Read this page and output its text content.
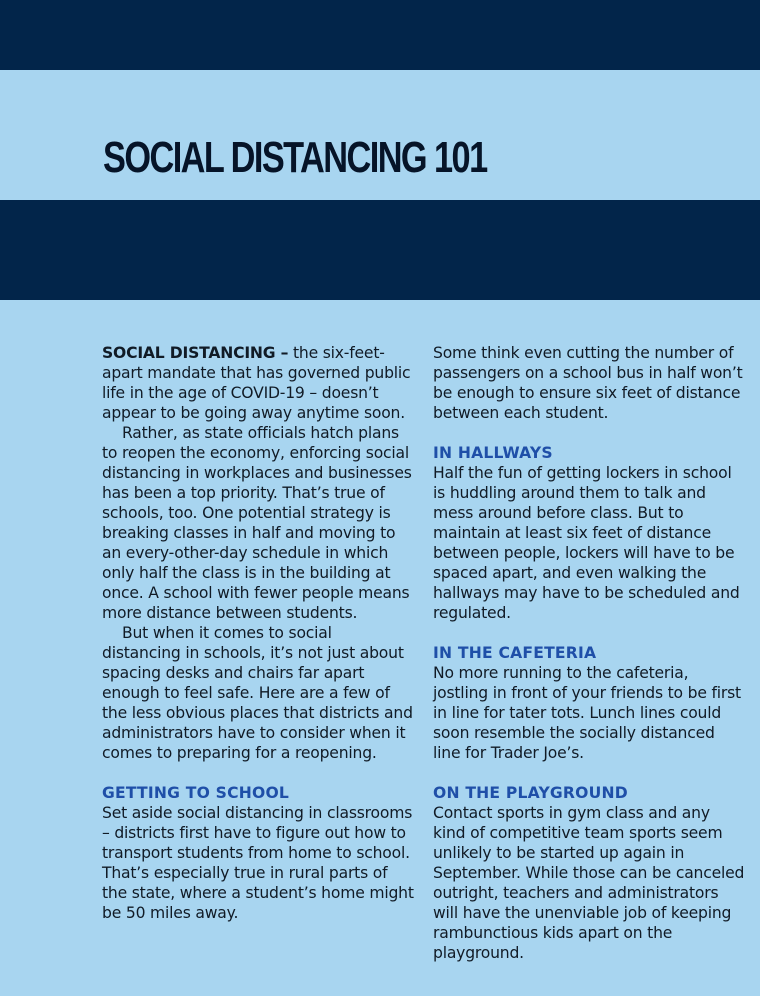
SOCIAL DISTANCING 101

SOCIAL DISTANCING – the six-feet-apart mandate that has governed public life in the age of COVID-19 – doesn’t appear to be going away anytime soon.

Rather, as state officials hatch plans to reopen the economy, enforcing social distancing in workplaces and businesses has been a top priority. That’s true of schools, too. One potential strategy is breaking classes in half and moving to an every-other-day schedule in which only half the class is in the building at once. A school with fewer people means more distance between students.

But when it comes to social distancing in schools, it’s not just about spacing desks and chairs far apart enough to feel safe. Here are a few of the less obvious places that districts and administrators have to consider when it comes to preparing for a reopening.

GETTING TO SCHOOL

Set aside social distancing in classrooms – districts first have to figure out how to transport students from home to school. That’s especially true in rural parts of the state, where a student’s home might be 50 miles away.

Some think even cutting the number of passengers on a school bus in half won’t be enough to ensure six feet of distance between each student.

IN HALLWAYS

Half the fun of getting lockers in school is huddling around them to talk and mess around before class. But to maintain at least six feet of distance between people, lockers will have to be spaced apart, and even walking the hallways may have to be scheduled and regulated.

IN THE CAFETERIA

No more running to the cafeteria, jostling in front of your friends to be first in line for tater tots. Lunch lines could soon resemble the socially distanced line for Trader Joe’s.

ON THE PLAYGROUND

Contact sports in gym class and any kind of competitive team sports seem unlikely to be started up again in September. While those can be canceled outright, teachers and administrators will have the unenviable job of keeping rambunctious kids apart on the playground.
